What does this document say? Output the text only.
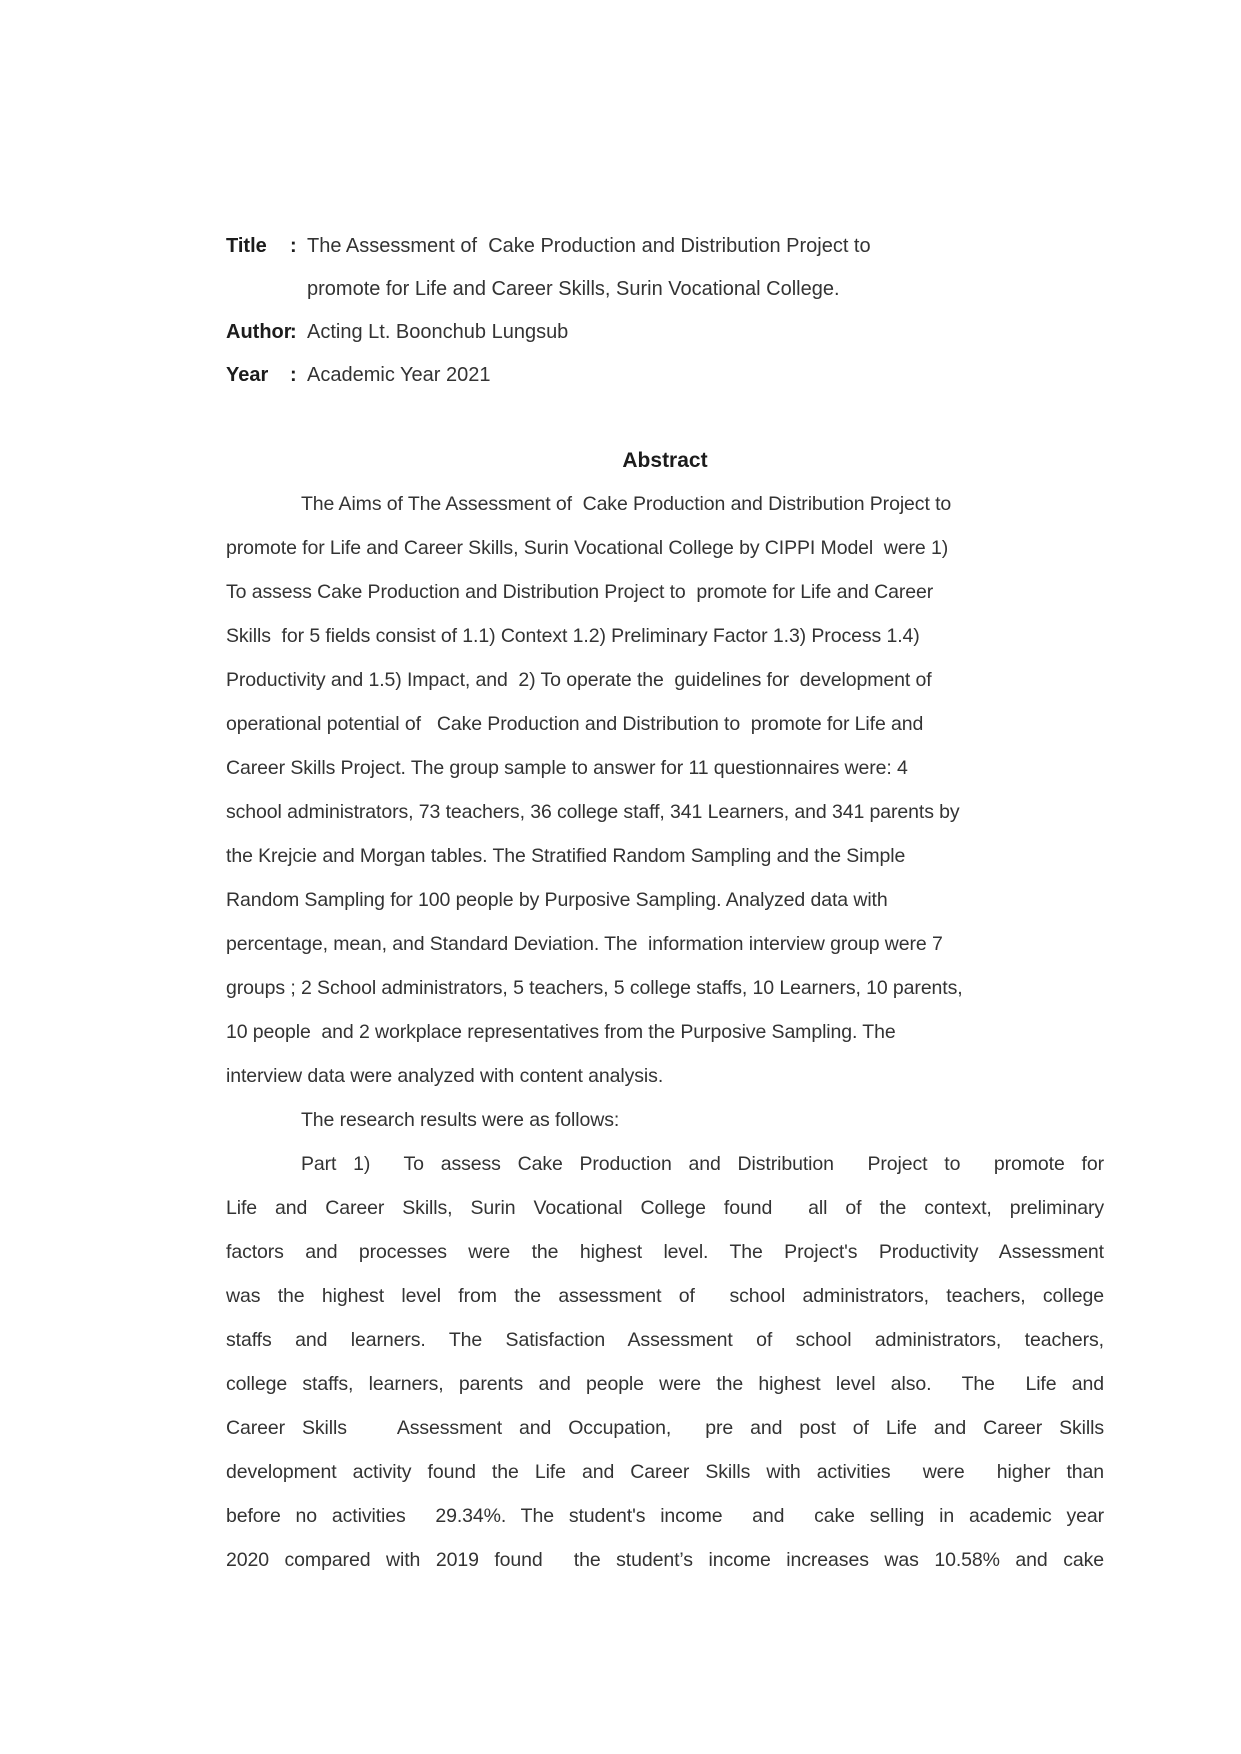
Title	: The Assessment of  Cake Production and Distribution Project to
promote for Life and Career Skills, Surin Vocational College.
Author
: Acting Lt. Boonchub Lungsub
Year	: Academic Year 2021
Abstract
The Aims of The Assessment of  Cake Production and Distribution Project to
promote for Life and Career Skills, Surin Vocational College by CIPPI Model  were 1)
To assess Cake Production and Distribution Project to  promote for Life and Career
Skills  for 5 fields consist of 1.1) Context 1.2) Preliminary Factor 1.3) Process 1.4)
Productivity and 1.5) Impact, and  2) To operate the  guidelines for  development of
operational potential of   Cake Production and Distribution to  promote for Life and
Career Skills Project. The group sample to answer for 11 questionnaires were: 4
school administrators, 73 teachers, 36 college staff, 341 Learners, and 341 parents by
the Krejcie and Morgan tables. The Stratified Random Sampling and the Simple
Random Sampling for 100 people by Purposive Sampling. Analyzed data with
percentage, mean, and Standard Deviation. The  information interview group were 7
groups ; 2 School administrators, 5 teachers, 5 college staffs, 10 Learners, 10 parents,
10 people  and 2 workplace representatives from the Purposive Sampling. The
interview data were analyzed with content analysis.
The research results were as follows:
Part 1)  To assess Cake Production and Distribution  Project to  promote for
Life and Career Skills, Surin Vocational College found  all of the context, preliminary
factors and processes were the highest level. The Project's Productivity Assessment
was the highest level from the assessment of  school administrators, teachers, college
staffs and learners. The Satisfaction Assessment of school administrators, teachers,
college staffs, learners, parents and people were the highest level also.  The  Life and
Career Skills   Assessment and Occupation,  pre and post of Life and Career Skills
development activity found the Life and Career Skills with activities  were  higher than
before no activities  29.34%. The student's income  and  cake selling in academic year
2020 compared with 2019 found  the student’s income increases was 10.58% and cake
